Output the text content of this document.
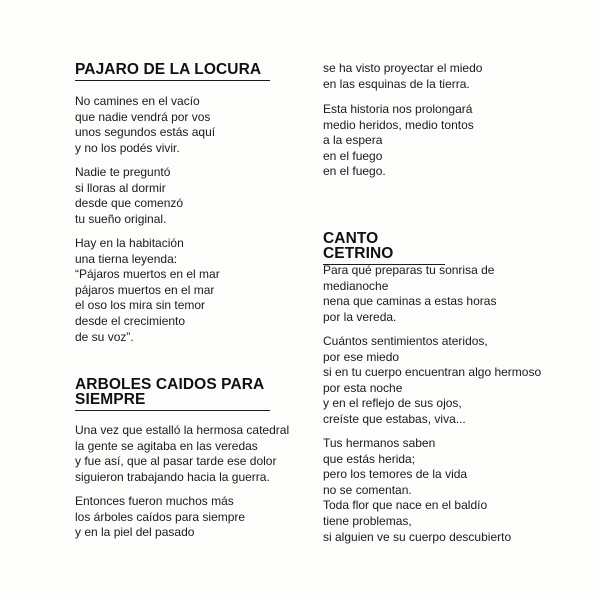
PAJARO DE LA LOCURA

No camines en el vacío
que nadie vendrá por vos
unos segundos estás aquí
y no los podés vivir.

Nadie te preguntó
si lloras al dormir
desde que comenzó
tu sueño original.

Hay en la habitación
una tierna leyenda:
“Pájaros muertos en el mar
pájaros muertos en el mar
el oso los mira sin temor
desde el crecimiento
de su voz”.

ARBOLES CAIDOS PARA
SIEMPRE

Una vez que estalló la hermosa catedral
la gente se agitaba en las veredas
y fue así, que al pasar tarde ese dolor
siguieron trabajando hacia la guerra.

Entonces fueron muchos más
los árboles caídos para siempre
y en la piel del pasado

se ha visto proyectar el miedo
en las esquinas de la tierra.

Esta historia nos prolongará
medio heridos, medio tontos
a la espera
en el fuego
en el fuego.

CANTO CETRINO

Para qué preparas tu sonrisa de
medianoche
nena que caminas a estas horas
por la vereda.

Cuántos sentimientos ateridos,
por ese miedo
si en tu cuerpo encuentran algo hermoso
por esta noche
y en el reflejo de sus ojos,
creíste que estabas, viva...

Tus hermanos saben
que estás herida;
pero los temores de la vida
no se comentan.
Toda flor que nace en el baldío
tiene problemas,
si alguien ve su cuerpo descubierto
